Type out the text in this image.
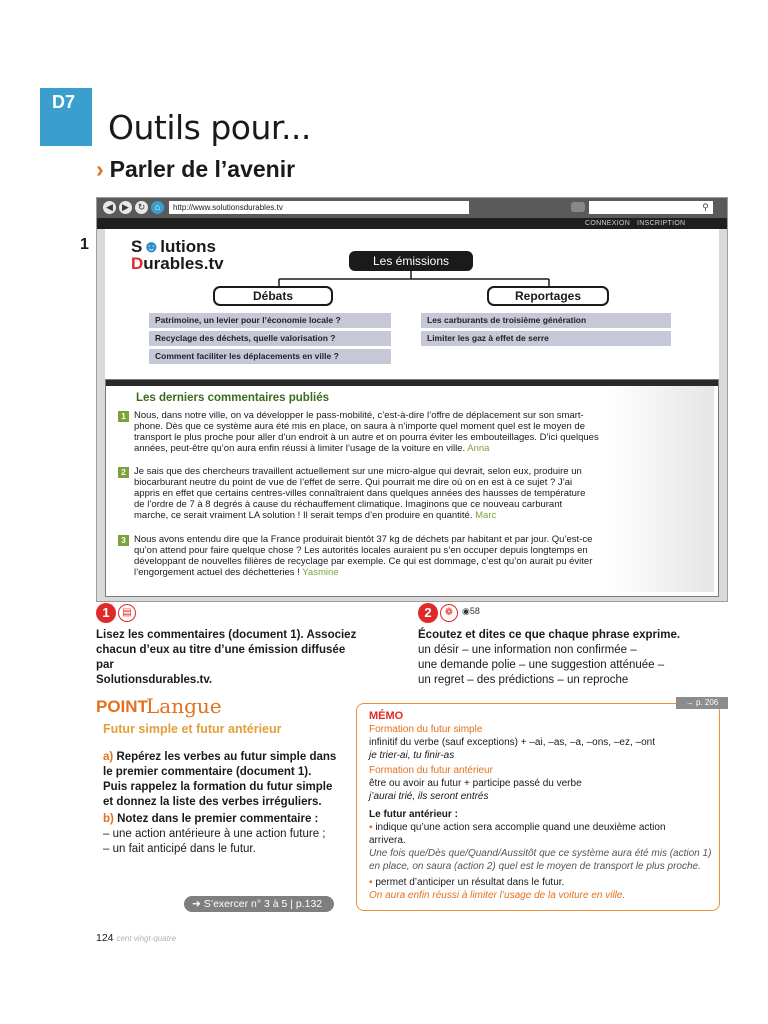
D7
Outils pour...
› Parler de l’avenir
1
◀	▶ ↻	⌂	http://www.solutionsdurables.tv	⚲
CONNEXION INSCRIPTION
S☻lutions
Durables.tv	Les émissions
Débats	Reportages
Patrimoine, un levier pour l’économie locale ?
Recyclage des déchets, quelle valorisation ?
Comment faciliter les déplacements en ville ?
Les carburants de troisième génération
Limiter les gaz à effet de serre
Les derniers commentaires publiés
1 Nous, dans notre ville, on va développer le pass-mobilité, c’est-à-dire l’offre de déplacement sur son smart-
phone. Dès que ce système aura été mis en place, on saura à n’importe quel moment quel est le moyen de
transport le plus proche pour aller d’un endroit à un autre et on pourra éviter les embouteillages. D’ici quelques
années, peut-être qu’on aura enfin réussi à limiter l’usage de la voiture en ville. Anna
2 Je sais que des chercheurs travaillent actuellement sur une micro-algue qui devrait, selon eux, produire un
biocarburant neutre du point de vue de l’effet de serre. Qui pourrait me dire où on en est à ce sujet ? J’ai
appris en effet que certains centres-villes connaîtraient dans quelques années des hausses de température
de l’ordre de 7 à 8 degrés à cause du réchauffement climatique. Imaginons que ce nouveau carburant
marche, ce serait vraiment LA solution ! Il serait temps d’en produire en quantité. Marc
3 Nous avons entendu dire que la France produirait bientôt 37 kg de déchets par habitant et par jour. Qu’est-ce
qu’on attend pour faire quelque chose ? Les autorités locales auraient pu s’en occuper depuis longtemps en
développant de nouvelles filières de recyclage par exemple. Ce qui est dommage, c’est qu’on aurait pu éviter
l’engorgement actuel des déchetteries ! Yasmine
1	▤
Lisez les commentaires (document 1). Associez
chacun d’eux au titre d’une émission diffusée par
Solutionsdurables.tv.
2	❁ ◉58
Écoutez et dites ce que chaque phrase exprime.
un désir – une information non confirmée –
une demande polie – une suggestion atténuée –
un regret – des prédictions – un reproche
POINT
Langue
Futur simple et futur antérieur
a) Repérez les verbes au futur simple dans
le premier commentaire (document 1).
Puis rappelez la formation du futur simple
et donnez la liste des verbes irréguliers.
b) Notez dans le premier commentaire :
– une action antérieure à une action future ;
– un fait anticipé dans le futur.
➜ S’exercer n° 3 à 5 | p.132
MÉMO
Formation du futur simple
infinitif du verbe (sauf exceptions) + –ai, –as, –a, –ons, –ez, –ont
je trier-ai, tu finir-as
Formation du futur antérieur
être ou avoir au futur + participe passé du verbe
j’aurai trié, ils seront entrés
Le futur antérieur :
▪ indique qu’une action sera accomplie quand une deuxième action
arrivera.
Une fois que/Dès que/Quand/Aussitôt que ce système aura été mis (action 1)
en place, on saura (action 2) quel est le moyen de transport le plus proche.
▪ permet d’anticiper un résultat dans le futur.
On aura enfin réussi à limiter l’usage de la voiture en ville.
→ p. 206
124 cent vingt-quatre
